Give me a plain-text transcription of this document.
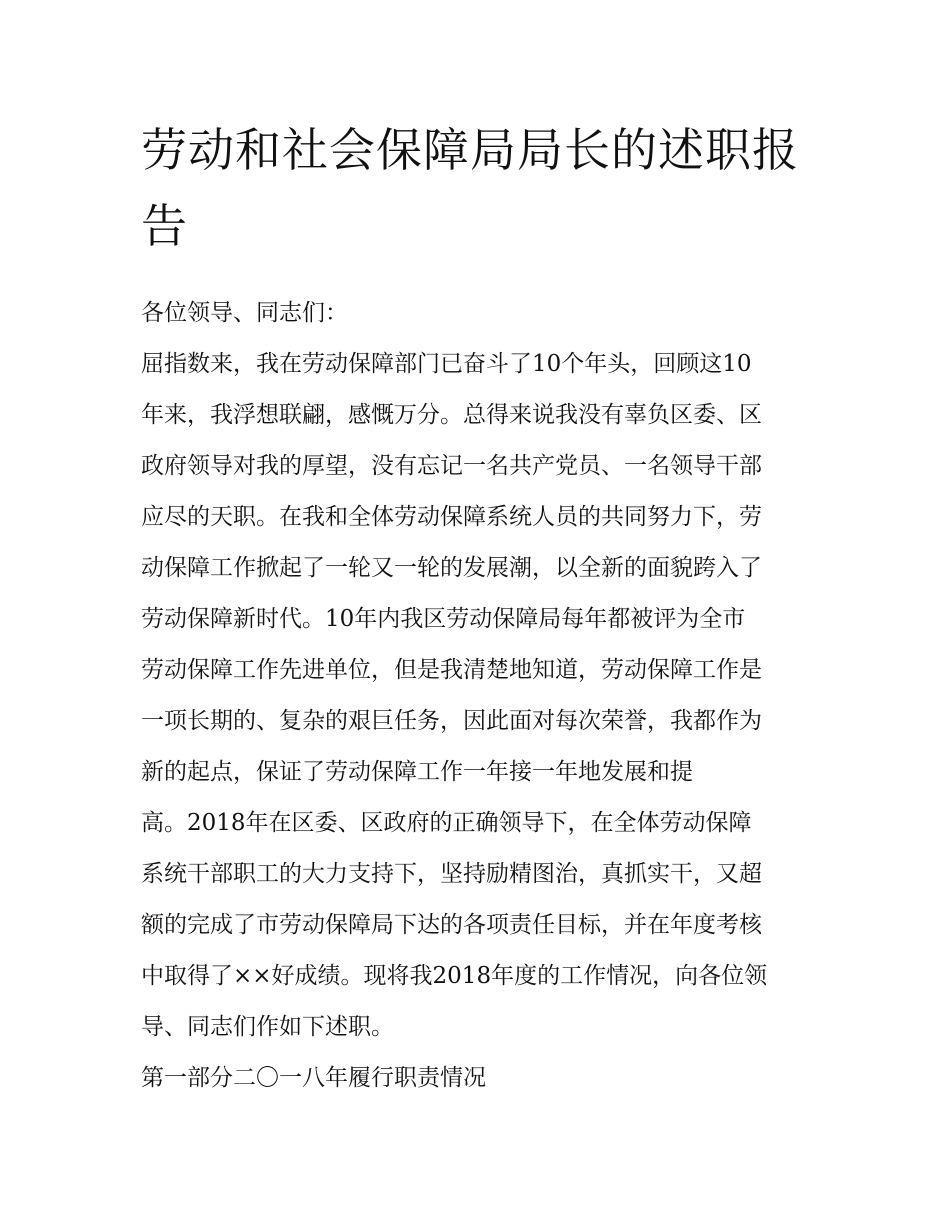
劳动和社会保障局局长的述职报告

各位领导、同志们：

屈指数来，我在劳动保障部门已奋斗了10个年头，回顾这10

年来，我浮想联翩，感慨万分。总得来说我没有辜负区委、区

政府领导对我的厚望，没有忘记一名共产党员、一名领导干部

应尽的天职。在我和全体劳动保障系统人员的共同努力下，劳

动保障工作掀起了一轮又一轮的发展潮，以全新的面貌跨入了

劳动保障新时代。10年内我区劳动保障局每年都被评为全市

劳动保障工作先进单位，但是我清楚地知道，劳动保障工作是

一项长期的、复杂的艰巨任务，因此面对每次荣誉，我都作为

新的起点，保证了劳动保障工作一年接一年地发展和提

高。2018年在区委、区政府的正确领导下，在全体劳动保障

系统干部职工的大力支持下，坚持励精图治，真抓实干，又超

额的完成了市劳动保障局下达的各项责任目标，并在年度考核

中取得了××好成绩。现将我2018年度的工作情况，向各位领

导、同志们作如下述职。

第一部分二〇一八年履行职责情况
